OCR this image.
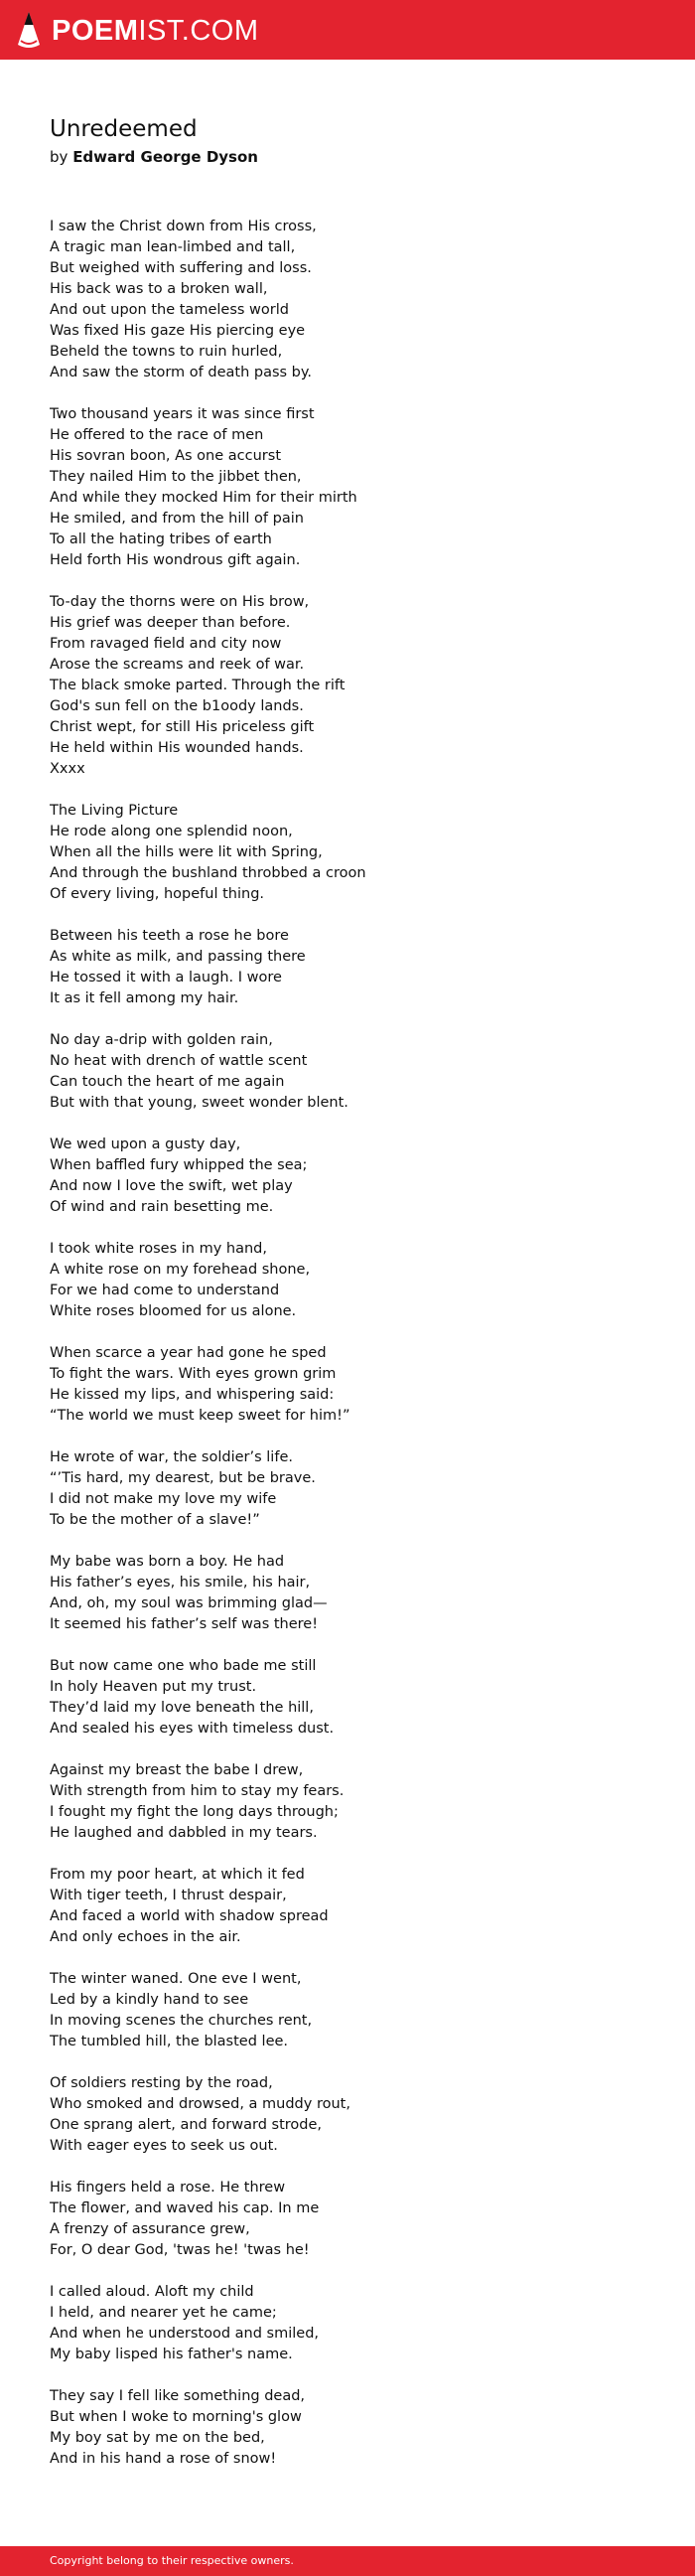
POEMIST.COM
Unredeemed
by Edward George Dyson
I saw the Christ down from His cross,
A tragic man lean-limbed and tall,
But weighed with suffering and loss.
His back was to a broken wall,
And out upon the tameless world
Was fixed His gaze His piercing eye
Beheld the towns to ruin hurled,
And saw the storm of death pass by.
Two thousand years it was since first
He offered to the race of men
His sovran boon, As one accurst
They nailed Him to the jibbet then,
And while they mocked Him for their mirth
He smiled, and from the hill of pain
To all the hating tribes of earth
Held forth His wondrous gift again.
To-day the thorns were on His brow,
His grief was deeper than before.
From ravaged field and city now
Arose the screams and reek of war.
The black smoke parted. Through the rift
God's sun fell on the b1oody lands.
Christ wept, for still His priceless gift
He held within His wounded hands.
Xxxx
The Living Picture
He rode along one splendid noon,
When all the hills were lit with Spring,
And through the bushland throbbed a croon
Of every living, hopeful thing.
Between his teeth a rose he bore
As white as milk, and passing there
He tossed it with a laugh. I wore
It as it fell among my hair.
No day a-drip with golden rain,
No heat with drench of wattle scent
Can touch the heart of me again
But with that young, sweet wonder blent.
We wed upon a gusty day,
When baffled fury whipped the sea;
And now I love the swift, wet play
Of wind and rain besetting me.
I took white roses in my hand,
A white rose on my forehead shone,
For we had come to understand
White roses bloomed for us alone.
When scarce a year had gone he sped
To fight the wars. With eyes grown grim
He kissed my lips, and whispering said:
“The world we must keep sweet for him!”
He wrote of war, the soldier’s life.
“’Tis hard, my dearest, but be brave.
I did not make my love my wife
To be the mother of a slave!”
My babe was born a boy. He had
His father’s eyes, his smile, his hair,
And, oh, my soul was brimming glad—
It seemed his father’s self was there!
But now came one who bade me still
In holy Heaven put my trust.
They’d laid my love beneath the hill,
And sealed his eyes with timeless dust.
Against my breast the babe I drew,
With strength from him to stay my fears.
I fought my fight the long days through;
He laughed and dabbled in my tears.
From my poor heart, at which it fed
With tiger teeth, I thrust despair,
And faced a world with shadow spread
And only echoes in the air.
The winter waned. One eve I went,
Led by a kindly hand to see
In moving scenes the churches rent,
The tumbled hill, the blasted lee.
Of soldiers resting by the road,
Who smoked and drowsed, a muddy rout,
One sprang alert, and forward strode,
With eager eyes to seek us out.
His fingers held a rose. He threw
The flower, and waved his cap. In me
A frenzy of assurance grew,
For, O dear God, 'twas he! 'twas he!
I called aloud. Aloft my child
I held, and nearer yet he came;
And when he understood and smiled,
My baby lisped his father's name.
They say I fell like something dead,
But when I woke to morning's glow
My boy sat by me on the bed,
And in his hand a rose of snow!
Copyright belong to their respective owners.
